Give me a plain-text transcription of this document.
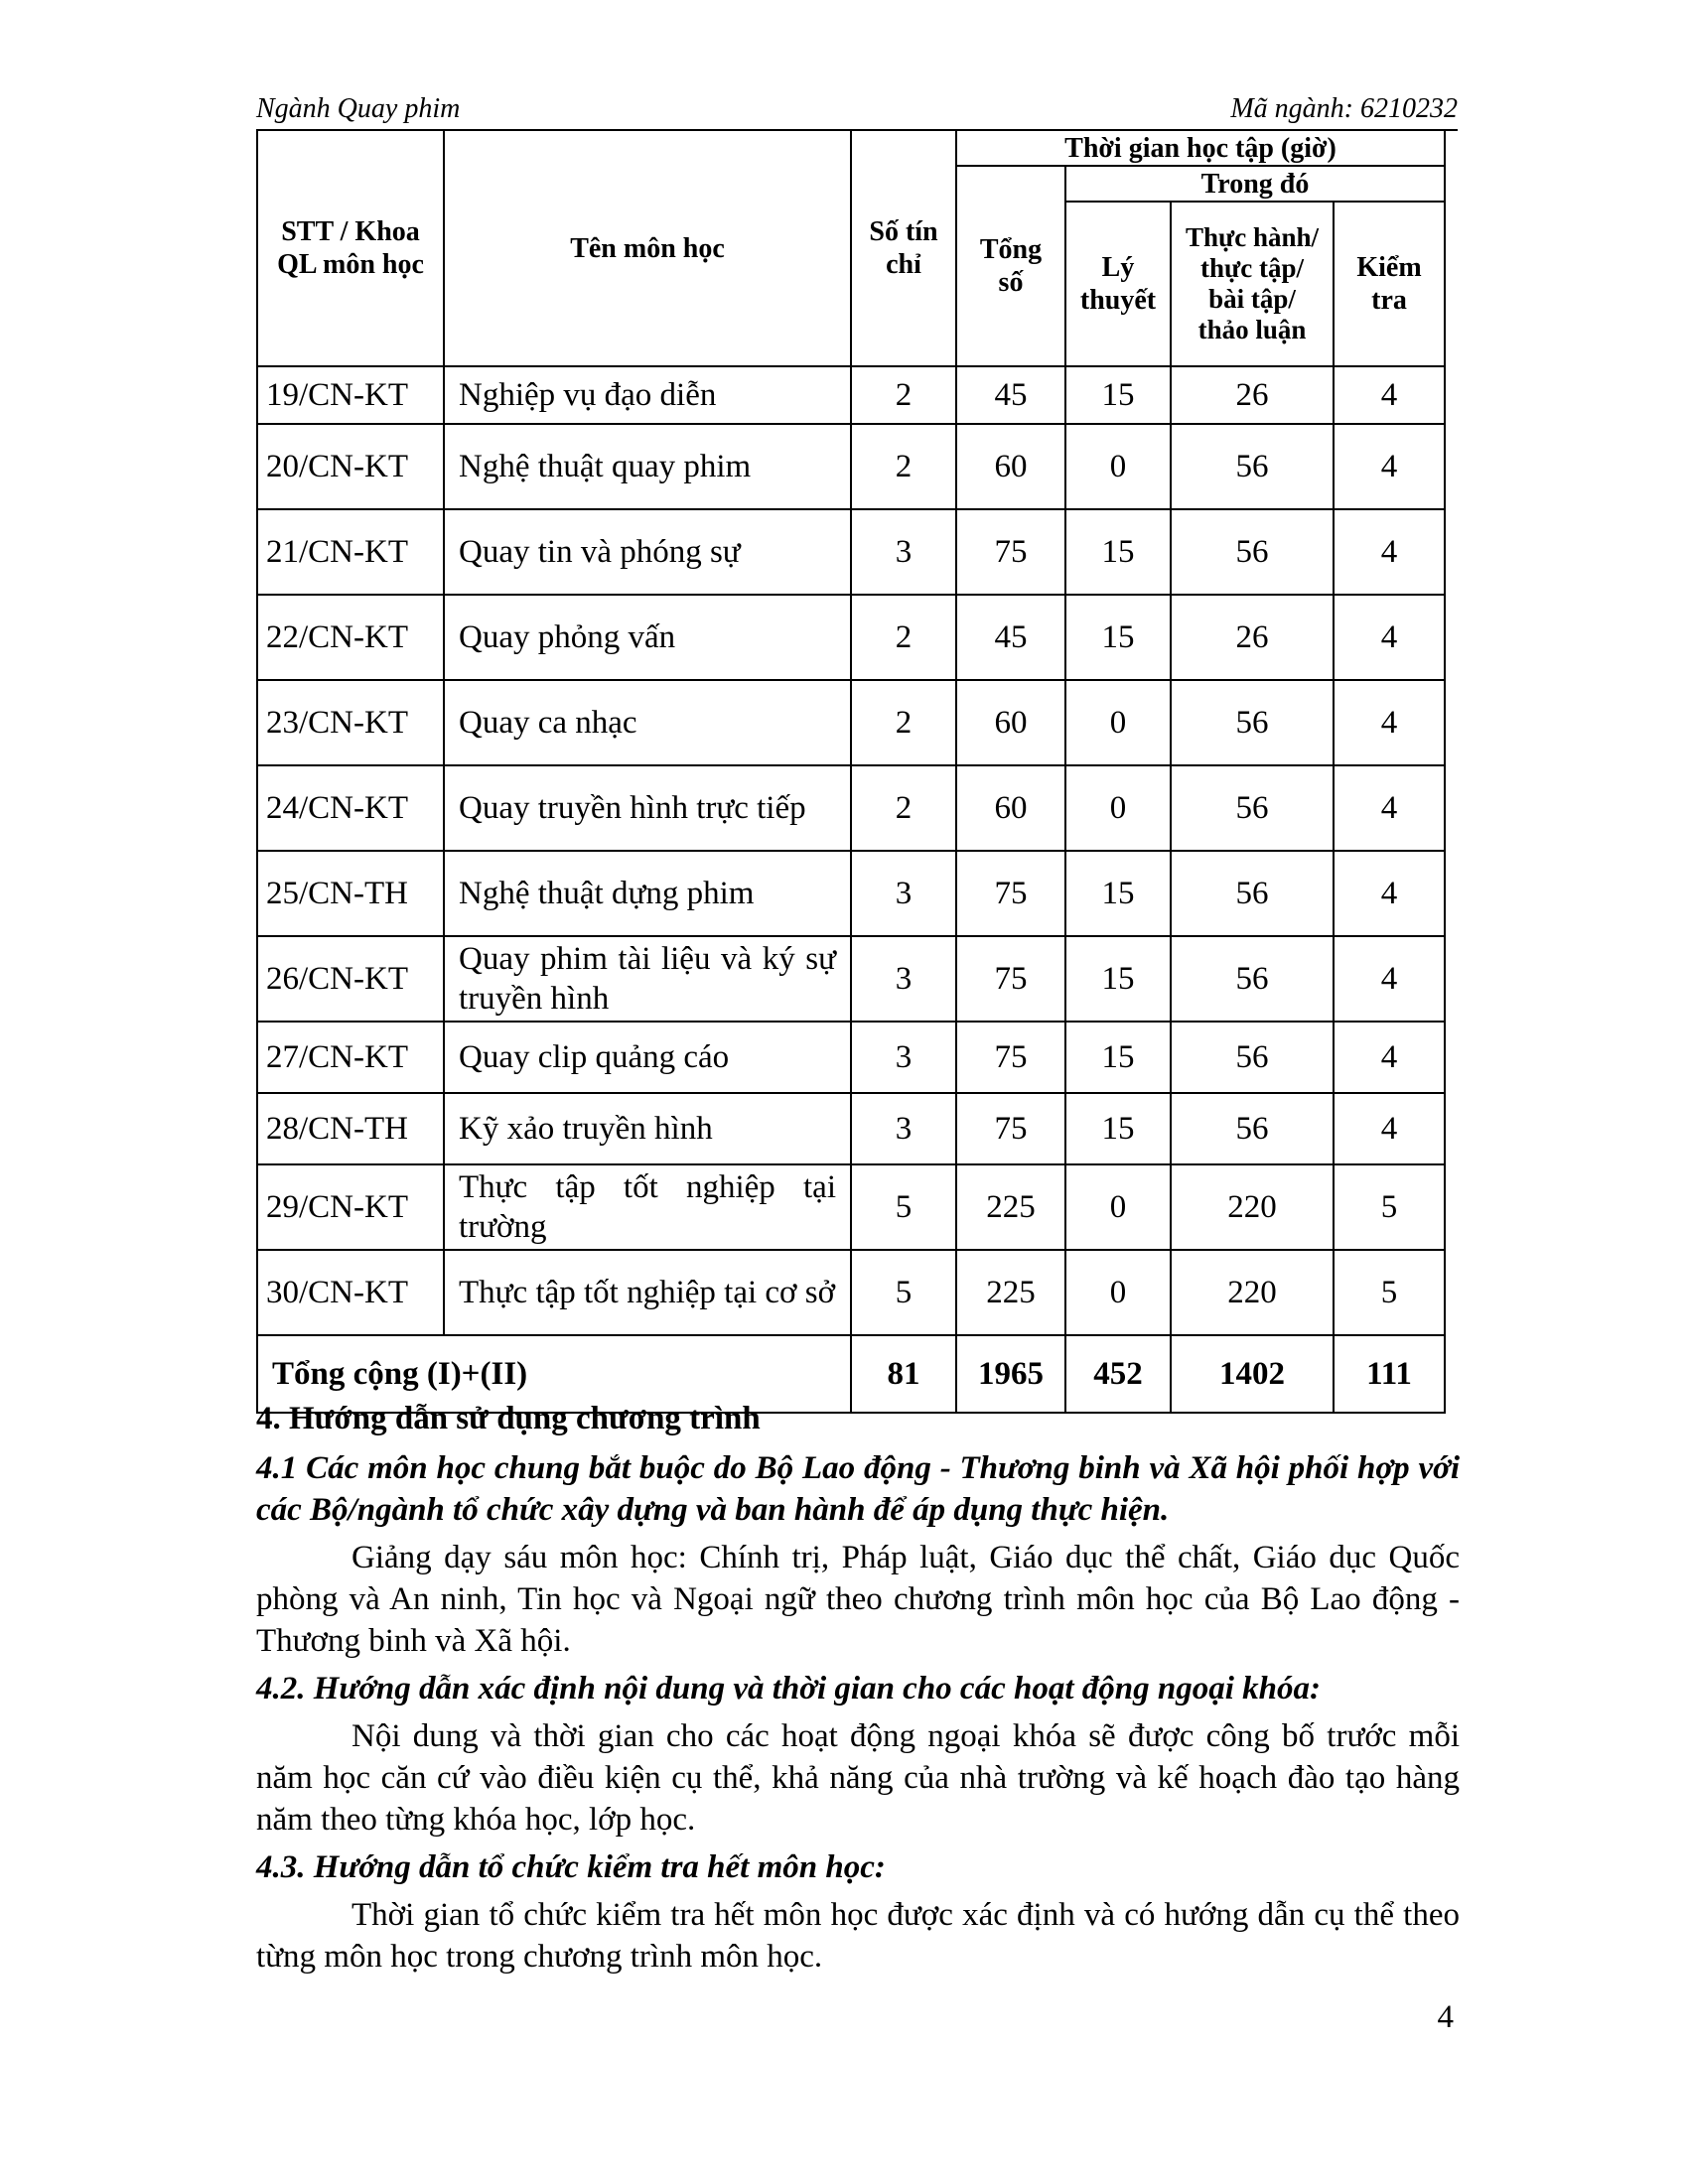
Ngành Quay phim	Mã ngành: 6210232
STT / Khoa QL môn học	Tên môn học	Số tín chỉ	Thời gian học tập (giờ)			
			Tổng số	Trong đó		
				Lý thuyết	Thực hành/ thực tập/ bài tập/ thảo luận	Kiểm tra
19/CN-KT	Nghiệp vụ đạo diễn	2	45	15	26	4
20/CN-KT	Nghệ thuật quay phim	2	60	0	56	4
21/CN-KT	Quay tin và phóng sự	3	75	15	56	4
22/CN-KT	Quay phỏng vấn	2	45	15	26	4
23/CN-KT	Quay ca nhạc	2	60	0	56	4
24/CN-KT	Quay truyền hình trực tiếp	2	60	0	56	4
25/CN-TH	Nghệ thuật dựng phim	3	75	15	56	4
26/CN-KT	Quay phim tài liệu và ký sự truyền hình	3	75	15	56	4
27/CN-KT	Quay clip quảng cáo	3	75	15	56	4
28/CN-TH	Kỹ xảo truyền hình	3	75	15	56	4
29/CN-KT	Thực tập tốt nghiệp tại trường	5	225	0	220	5
30/CN-KT	Thực tập tốt nghiệp tại cơ sở	5	225	0	220	5
Tổng cộng (I)+(II)		81	1965	452	1402	111
4. Hướng dẫn sử dụng chương trình
4.1 Các môn học chung bắt buộc do Bộ Lao động - Thương binh và Xã hội phối hợp với các Bộ/ngành tổ chức xây dựng và ban hành để áp dụng thực hiện.

Giảng dạy sáu môn học: Chính trị, Pháp luật, Giáo dục thể chất, Giáo dục Quốc phòng và An ninh, Tin học và Ngoại ngữ theo chương trình môn học của Bộ Lao động - Thương binh và Xã hội.

4.2. Hướng dẫn xác định nội dung và thời gian cho các hoạt động ngoại khóa:

Nội dung và thời gian cho các hoạt động ngoại khóa sẽ được công bố trước mỗi năm học căn cứ vào điều kiện cụ thể, khả năng của nhà trường và kế hoạch đào tạo hàng năm theo từng khóa học, lớp học.

4.3. Hướng dẫn tổ chức kiểm tra hết môn học:

Thời gian tổ chức kiểm tra hết môn học được xác định và có hướng dẫn cụ thể theo từng môn học trong chương trình môn học.

4
